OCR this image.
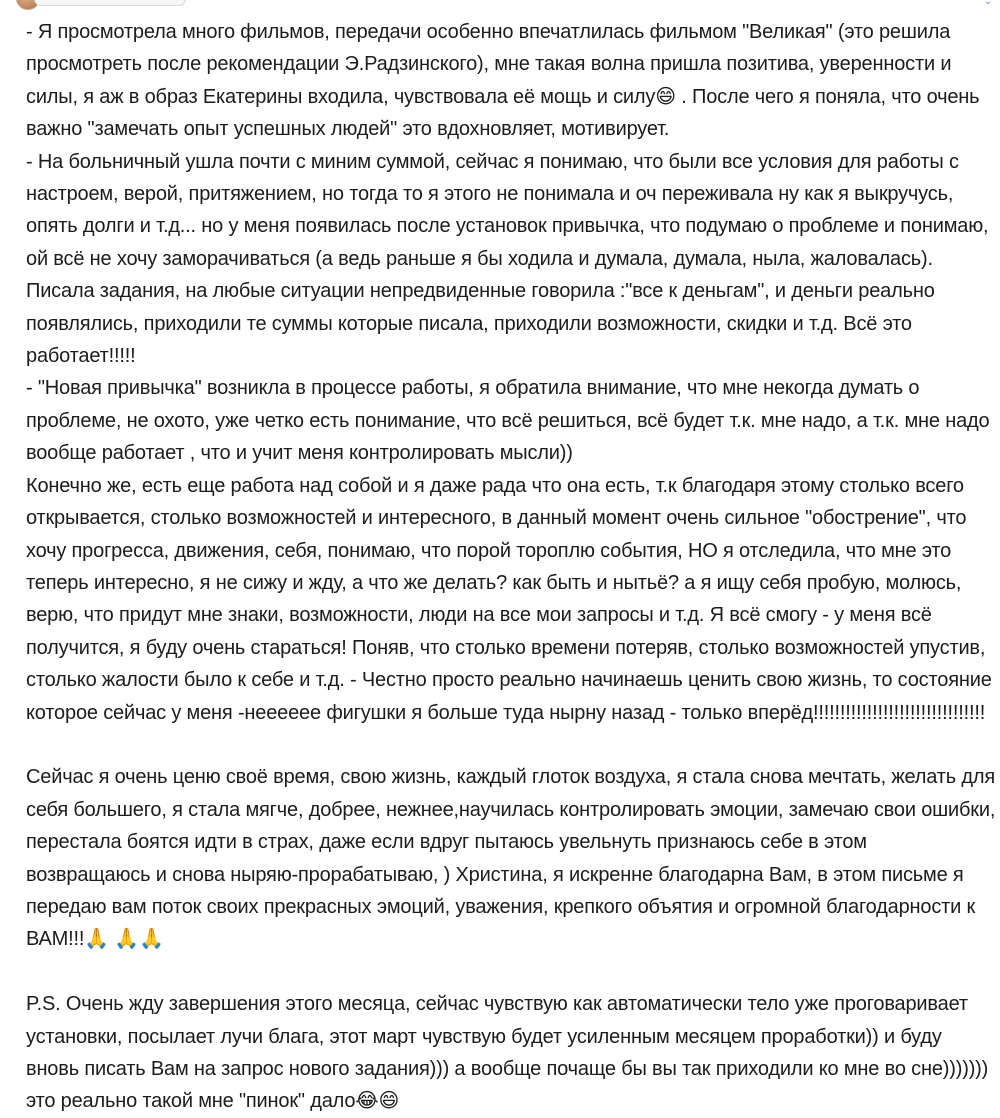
⌄

- Я просмотрела много фильмов, передачи особенно впечатлилась фильмом "Великая" (это решила просмотреть после рекомендации Э.Радзинского), мне такая волна пришла позитива, уверенности и силы, я аж в образ Екатерины входила, чувствовала её мощь и силу😄 . После чего я поняла, что очень важно "замечать опыт успешных людей" это вдохновляет, мотивирует.

- На больничный ушла почти с миним суммой, сейчас я понимаю, что были все условия для работы с настроем, верой, притяжением, но тогда то я этого не понимала и оч переживала ну как я выкручусь, опять долги и т.д... но у меня появилась после установок привычка, что подумаю о проблеме и понимаю, ой всё не хочу заморачиваться (а ведь раньше я бы ходила и думала, думала, ныла, жаловалась). Писала задания, на любые ситуации непредвиденные говорила :"все к деньгам", и деньги реально появлялись, приходили те суммы которые писала, приходили возможности, скидки и т.д. Всё это работает!!!!!

- "Новая привычка" возникла в процессе работы, я обратила внимание, что мне некогда думать о проблеме, не охото, уже четко есть понимание, что всё решиться, всё будет т.к. мне надо, а т.к. мне надо вообще работает , что и учит меня контролировать мысли))

Конечно же, есть еще работа над собой и я даже рада что она есть, т.к благодаря этому столько всего открывается, столько возможностей и интересного, в данный момент очень сильное "обострение", что хочу прогресса, движения, себя, понимаю, что порой тороплю события, НО я отследила, что мне это теперь интересно, я не сижу и жду, а что же делать? как быть и нытьё? а я ищу себя пробую, молюсь, верю, что придут мне знаки, возможности, люди на все мои запросы и т.д. Я всё смогу - у меня всё получится, я буду очень стараться! Поняв, что столько времени потеряв, столько возможностей упустив, столько жалости было к себе и т.д. - Честно просто реально начинаешь ценить свою жизнь, то состояние которое сейчас у меня -нееееее фигушки я больше туда нырну назад - только вперёд!!!!!!!!!!!!!!!!!!!!!!!!!!!!!!!!

Сейчас я очень ценю своё время, свою жизнь, каждый глоток воздуха, я стала снова мечтать, желать для себя большего, я стала мягче, добрее, нежнее,научилась контролировать эмоции, замечаю свои ошибки, перестала боятся идти в страх, даже если вдруг пытаюсь увельнуть признаюсь себе в этом возвращаюсь и снова ныряю-прорабатываю, ) Христина, я искренне благодарна Вам, в этом письме я передаю вам поток своих прекрасных эмоций, уважения, крепкого объятия и огромной благодарности к ВАМ!!!🙏 🙏🙏

P.S. Очень жду завершения этого месяца, сейчас чувствую как автоматически тело уже проговаривает установки, посылает лучи блага, этот март чувствую будет усиленным месяцем проработки)) и буду вновь писать Вам на запрос нового задания))) а вообще почаще бы вы так приходили ко мне во сне))))))) это реально такой мне "пинок" дало😂😄
